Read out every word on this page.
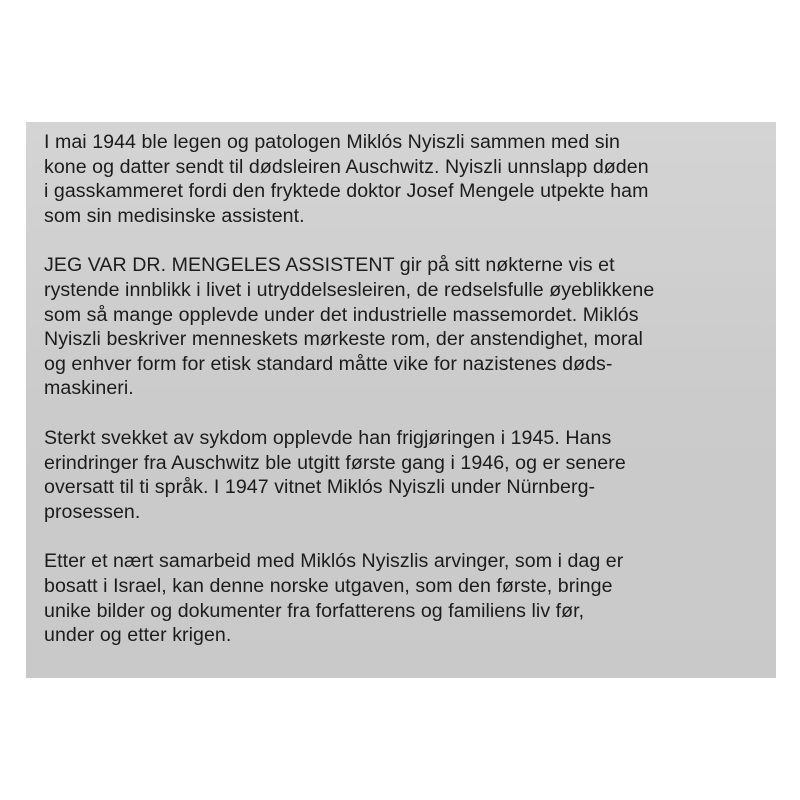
I mai 1944 ble legen og patologen Miklós Nyiszli sammen med sin
kone og datter sendt til dødsleiren Auschwitz. Nyiszli unnslapp døden
i gasskammeret fordi den fryktede doktor Josef Mengele utpekte ham
som sin medisinske assistent.

JEG VAR DR. MENGELES ASSISTENT gir på sitt nøkterne vis et
rystende innblikk i livet i utryddelsesleiren, de redselsfulle øyeblikkene
som så mange opplevde under det industrielle massemordet. Miklós
Nyiszli beskriver menneskets mørkeste rom, der anstendighet, moral
og enhver form for etisk standard måtte vike for nazistenes døds-
maskineri.

Sterkt svekket av sykdom opplevde han frigjøringen i 1945. Hans
erindringer fra Auschwitz ble utgitt første gang i 1946, og er senere
oversatt til ti språk. I 1947 vitnet Miklós Nyiszli under Nürnberg-
prosessen.

Etter et nært samarbeid med Miklós Nyiszlis arvinger, som i dag er
bosatt i Israel, kan denne norske utgaven, som den første, bringe
unike bilder og dokumenter fra forfatterens og familiens liv før,
under og etter krigen.
